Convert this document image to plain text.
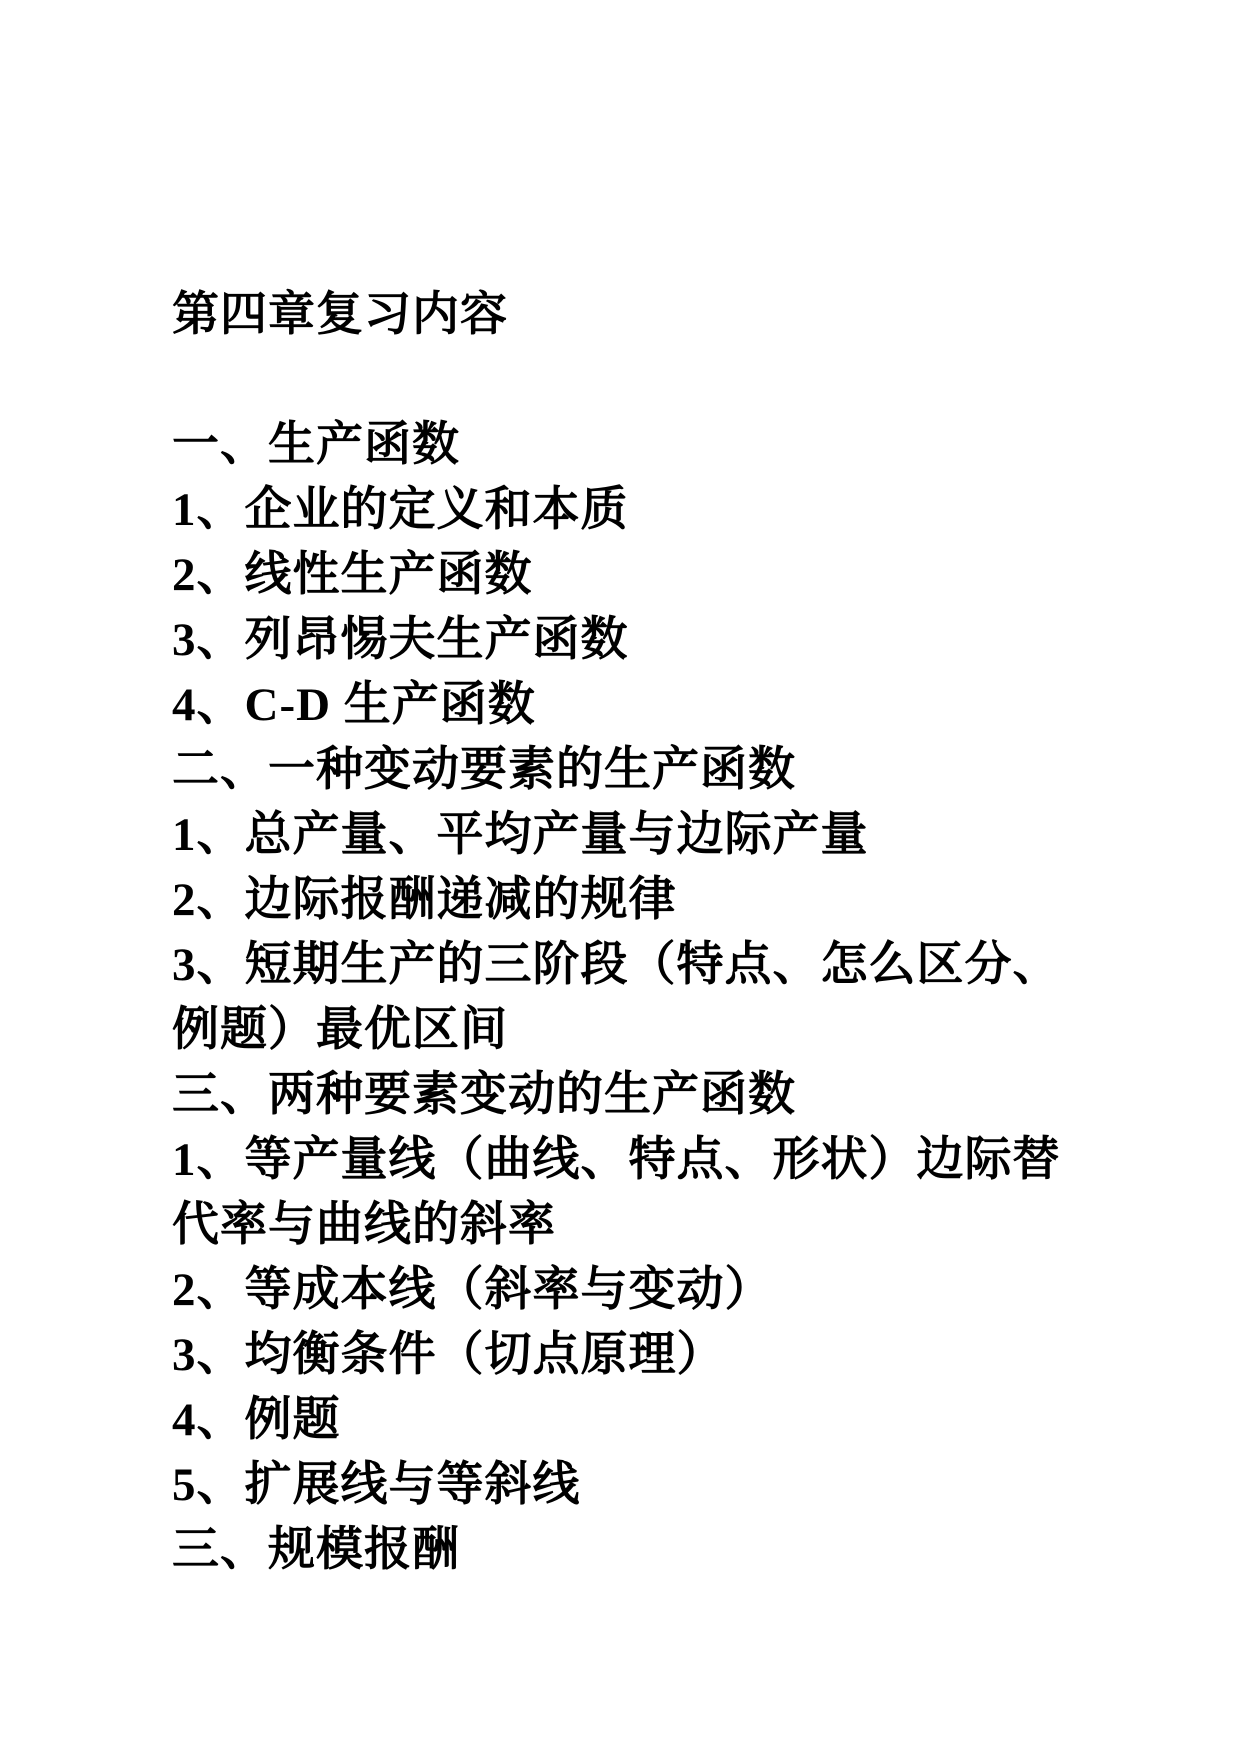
第四章复习内容

一、生产函数

1、企业的定义和本质

2、线性生产函数

3、列昂惕夫生产函数

4、C-D 生产函数

二、一种变动要素的生产函数

1、总产量、平均产量与边际产量

2、边际报酬递减的规律

3、短期生产的三阶段（特点、怎么区分、

例题）最优区间

三、两种要素变动的生产函数

1、等产量线（曲线、特点、形状）边际替

代率与曲线的斜率

2、等成本线（斜率与变动）

3、均衡条件（切点原理）

4、例题

5、扩展线与等斜线

三、规模报酬
